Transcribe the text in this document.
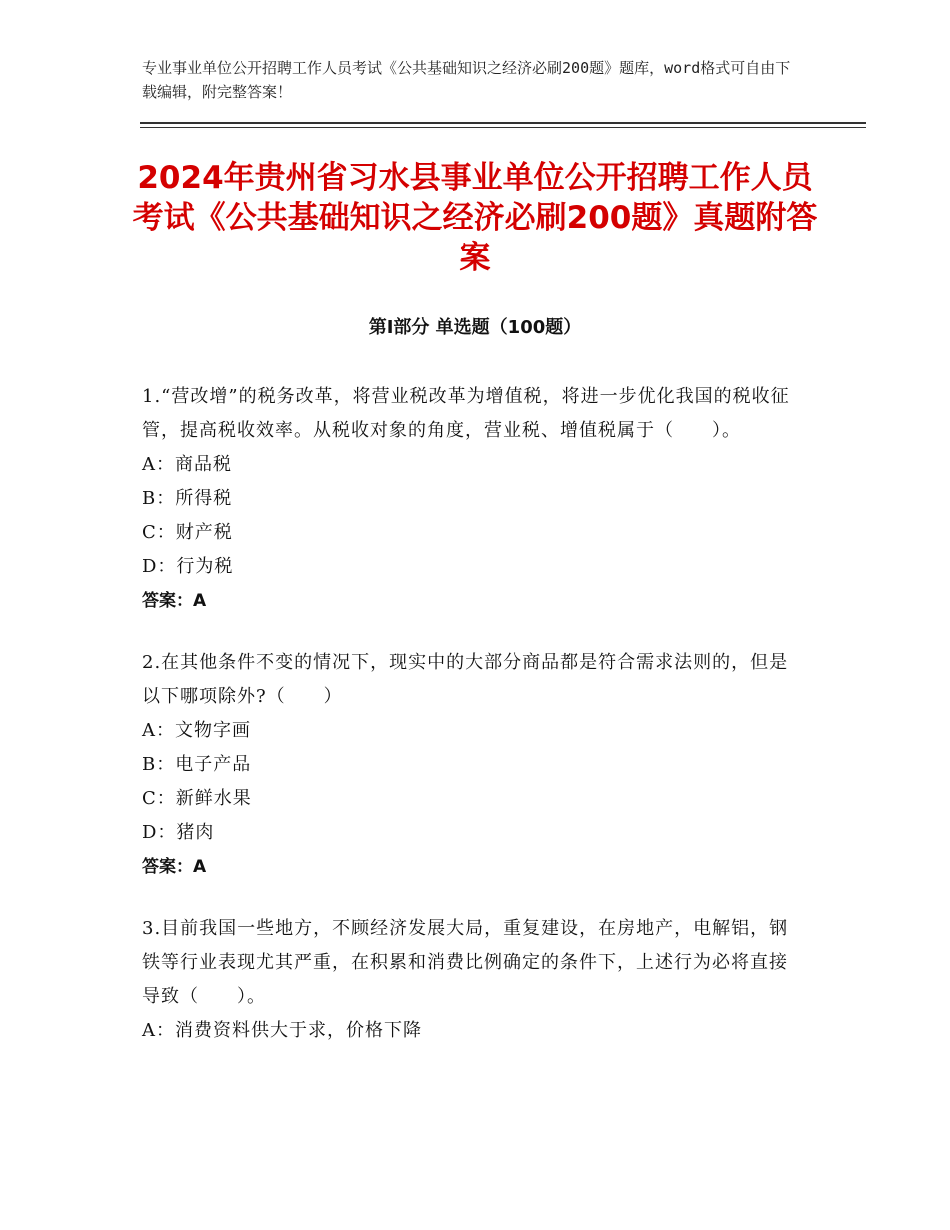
专业事业单位公开招聘工作人员考试《公共基础知识之经济必刷200题》题库，word格式可自由下载编辑，附完整答案！
2024年贵州省习水县事业单位公开招聘工作人员考试《公共基础知识之经济必刷200题》真题附答案
第Ⅰ部分 单选题（100题）

1.“营改增”的税务改革，将营业税改革为增值税，将进一步优化我国的税收征管，提高税收效率。从税收对象的角度，营业税、增值税属于（　　）。

A：商品税

B：所得税

C：财产税

D：行为税

答案：A

2.在其他条件不变的情况下，现实中的大部分商品都是符合需求法则的，但是以下哪项除外?（　　）

A：文物字画

B：电子产品

C：新鲜水果

D：猪肉

答案：A

3.目前我国一些地方，不顾经济发展大局，重复建设，在房地产，电解铝，钢铁等行业表现尤其严重，在积累和消费比例确定的条件下，上述行为必将直接导致（　　）。

A：消费资料供大于求，价格下降
